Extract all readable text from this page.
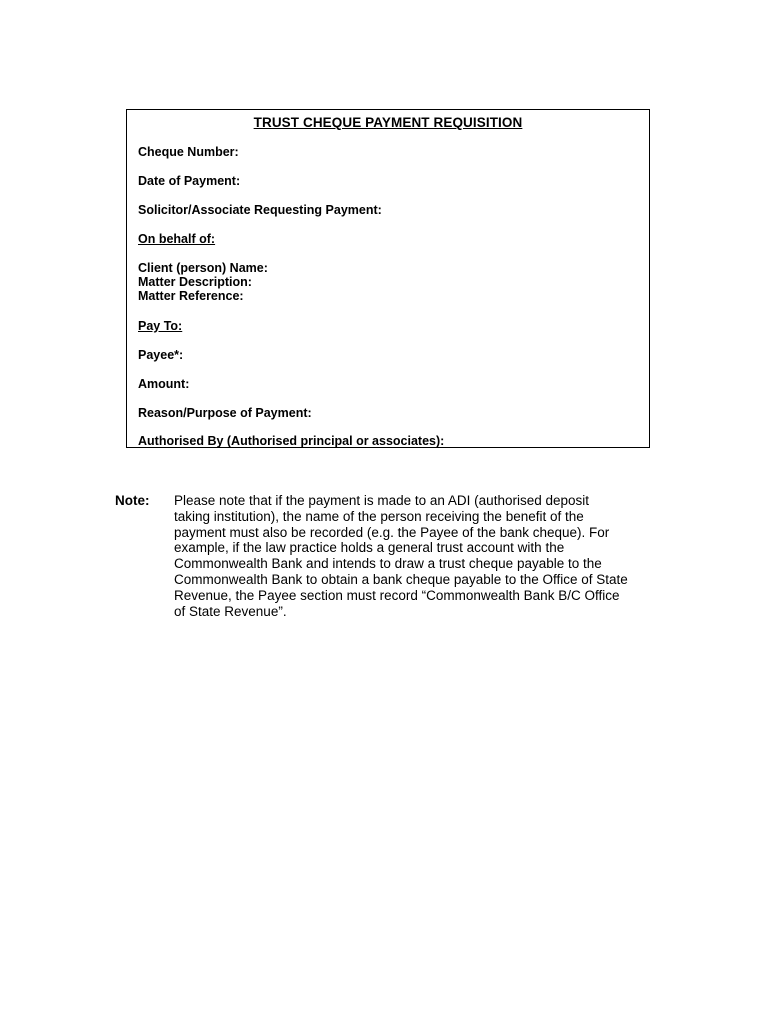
TRUST CHEQUE PAYMENT REQUISITION
Cheque Number:
Date of Payment:
Solicitor/Associate Requesting Payment:
On behalf of:
Client (person) Name:
Matter Description:
Matter Reference:
Pay To:
Payee*:
Amount:
Reason/Purpose of Payment:
Authorised By (Authorised principal or associates):
Note: Please note that if the payment is made to an ADI (authorised deposit
taking institution), the name of the person receiving the benefit of the
payment must also be recorded (e.g. the Payee of the bank cheque). For
example, if the law practice holds a general trust account with the
Commonwealth Bank and intends to draw a trust cheque payable to the
Commonwealth Bank to obtain a bank cheque payable to the Office of State
Revenue, the Payee section must record “Commonwealth Bank B/C Office
of State Revenue”.
